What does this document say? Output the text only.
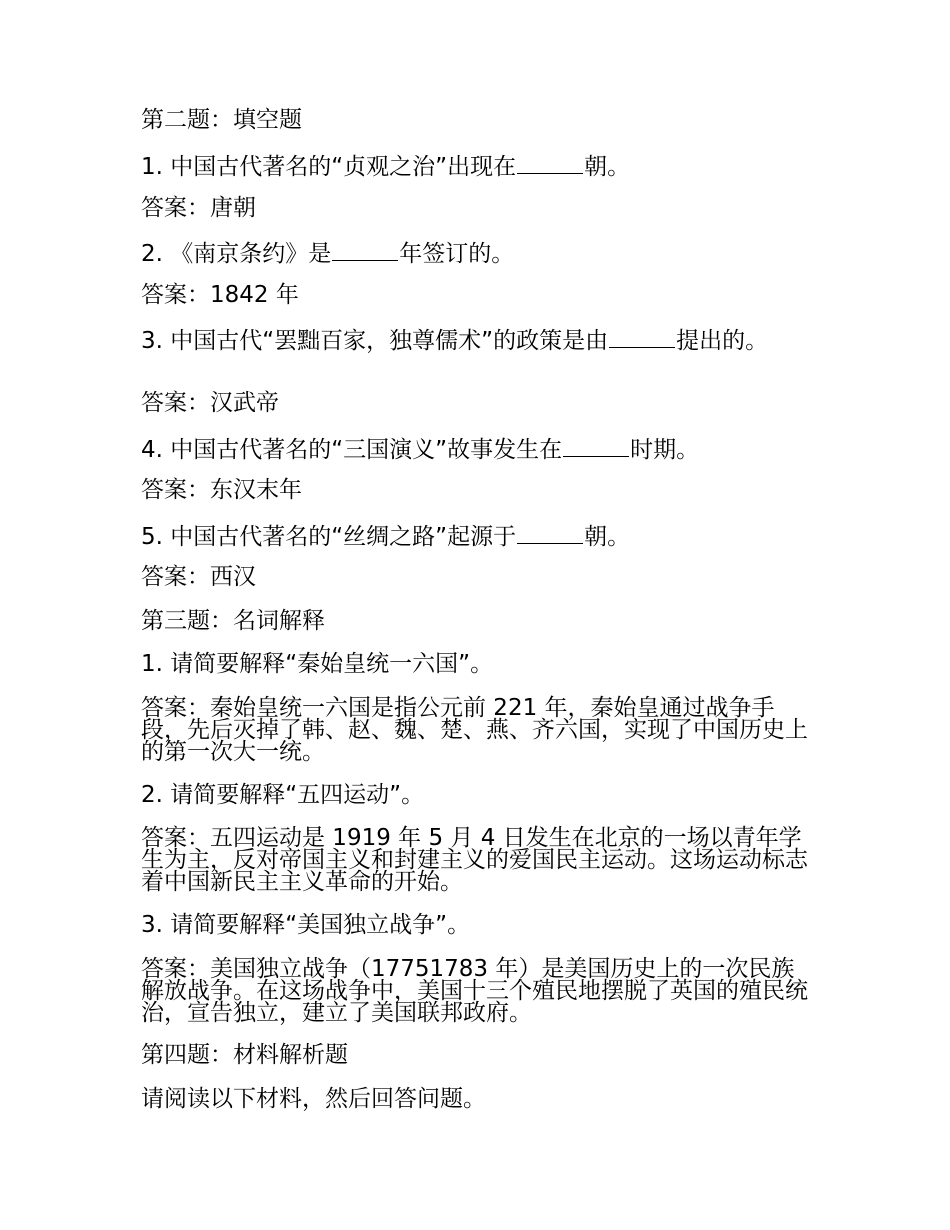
第二题：填空题
1. 中国古代著名的“贞观之治”出现在	朝。
答案：唐朝
2. 《南京条约》是	年签订的。
答案：1842 年
3. 中国古代“罢黜百家，独尊儒术”的政策是由	提出的。
答案：汉武帝
4. 中国古代著名的“三国演义”故事发生在	时期。
答案：东汉末年
5. 中国古代著名的“丝绸之路”起源于	朝。
答案：西汉
第三题：名词解释
1. 请简要解释“秦始皇统一六国”。
答案：秦始皇统一六国是指公元前 221 年，秦始皇通过战争手段，先后灭掉了韩、赵、魏、楚、燕、齐六国，实现了中国历史上的第一次大一统。
2. 请简要解释“五四运动”。
答案：五四运动是 1919 年 5 月 4 日发生在北京的一场以青年学生为主，反对帝国主义和封建主义的爱国民主运动。这场运动标志着中国新民主主义革命的开始。
3. 请简要解释“美国独立战争”。
答案：美国独立战争（17751783 年）是美国历史上的一次民族解放战争。在这场战争中，美国十三个殖民地摆脱了英国的殖民统治，宣告独立，建立了美国联邦政府。
第四题：材料解析题
请阅读以下材料，然后回答问题。
